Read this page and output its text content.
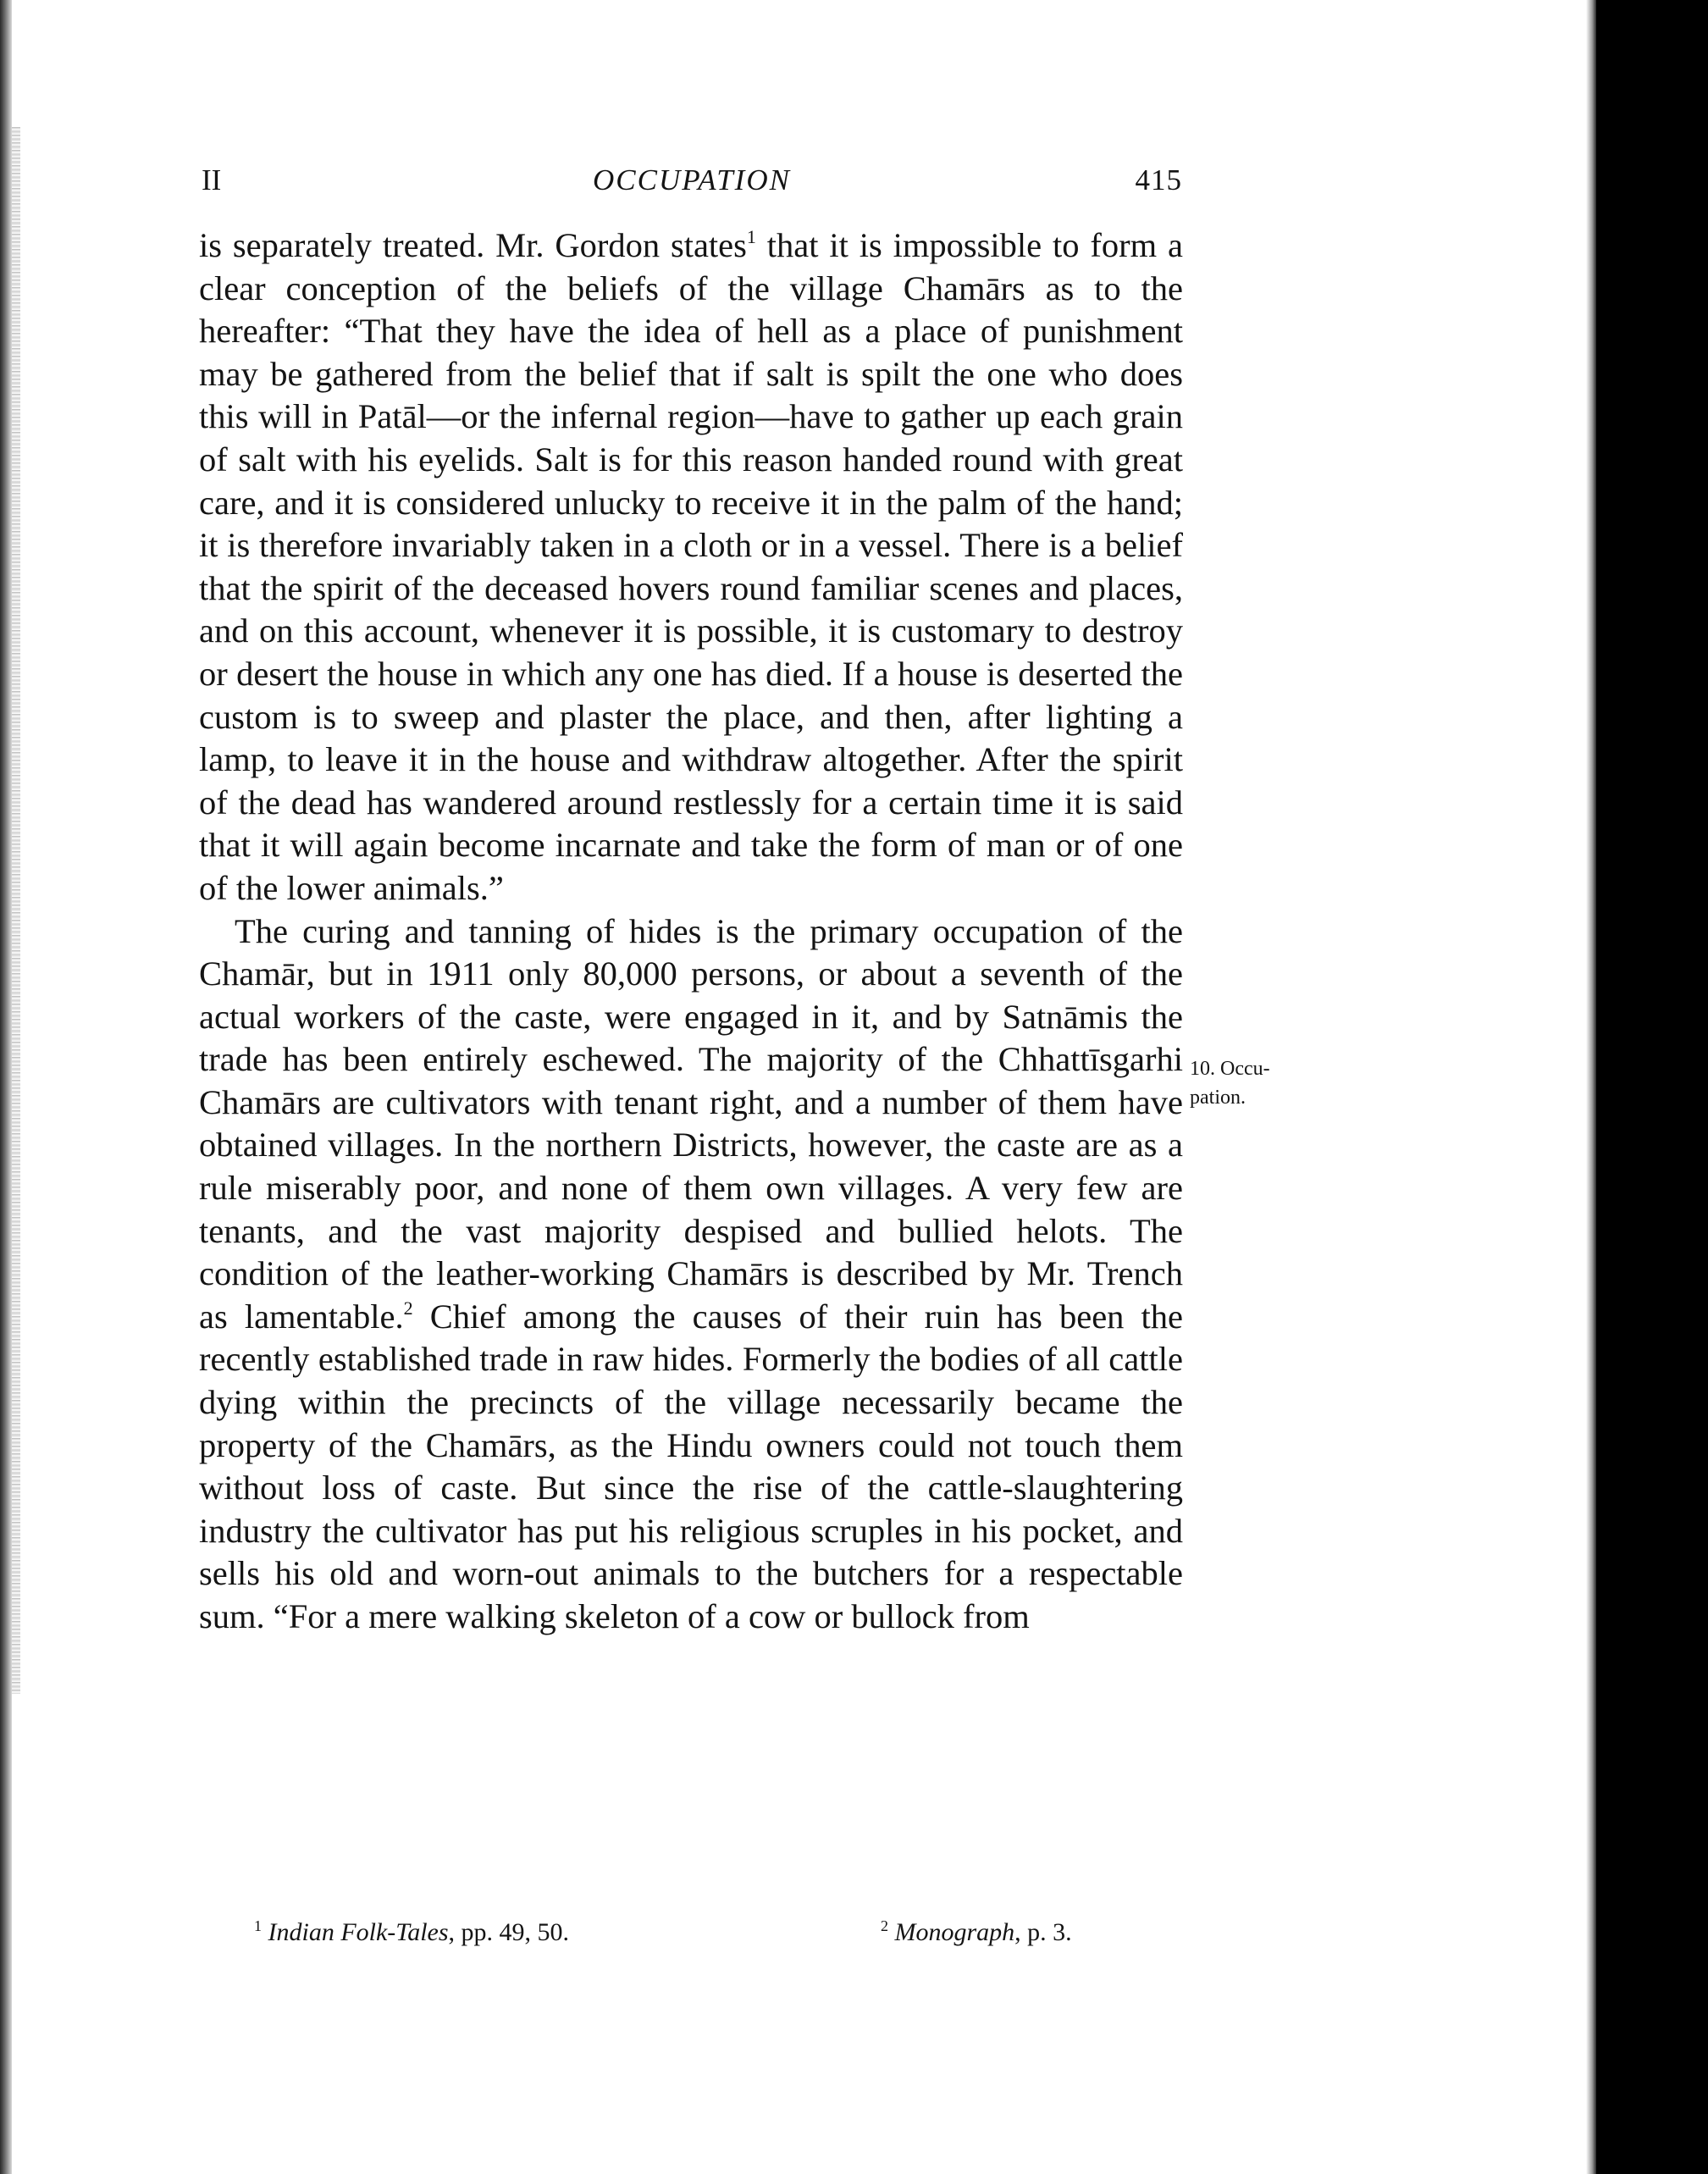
II	OCCUPATION	415

is separately treated. Mr. Gordon states$^1$ that it is impossible to form a clear conception of the beliefs of the village Chamārs as to the hereafter: “That they have the idea of hell as a place of punishment may be gathered from the belief that if salt is spilt the one who does this will in Patāl—or the infernal region—have to gather up each grain of salt with his eyelids. Salt is for this reason handed round with great care, and it is considered unlucky to receive it in the palm of the hand; it is therefore invariably taken in a cloth or in a vessel. There is a belief that the spirit of the deceased hovers round familiar scenes and places, and on this account, whenever it is possible, it is customary to destroy or desert the house in which any one has died. If a house is deserted the custom is to sweep and plaster the place, and then, after lighting a lamp, to leave it in the house and withdraw altogether. After the spirit of the dead has wandered around restlessly for a certain time it is said that it will again become incarnate and take the form of man or of one of the lower animals.”

The curing and tanning of hides is the primary occupation of the Chamār, but in 1911 only 80,000 persons, or about a seventh of the actual workers of the caste, were engaged in it, and by Satnāmis the trade has been entirely eschewed. The majority of the Chhattīsgarhi Chamārs are cultivators with tenant right, and a number of them have obtained villages. In the northern Districts, however, the caste are as a rule miserably poor, and none of them own villages. A very few are tenants, and the vast majority despised and bullied helots. The condition of the leather-working Chamārs is described by Mr. Trench as lamentable.$^2$ Chief among the causes of their ruin has been the recently established trade in raw hides. Formerly the bodies of all cattle dying within the precincts of the village necessarily became the property of the Chamārs, as the Hindu owners could not touch them without loss of caste. But since the rise of the cattle-slaughtering industry the cultivator has put his religious scruples in his pocket, and sells his old and worn-out animals to the butchers for a respectable sum. “For a mere walking skeleton of a cow or bullock from

10. Occu-
pation.
$^1$ Indian Folk-Tales, pp. 49, 50.	$^2$ Monograph, p. 3.
